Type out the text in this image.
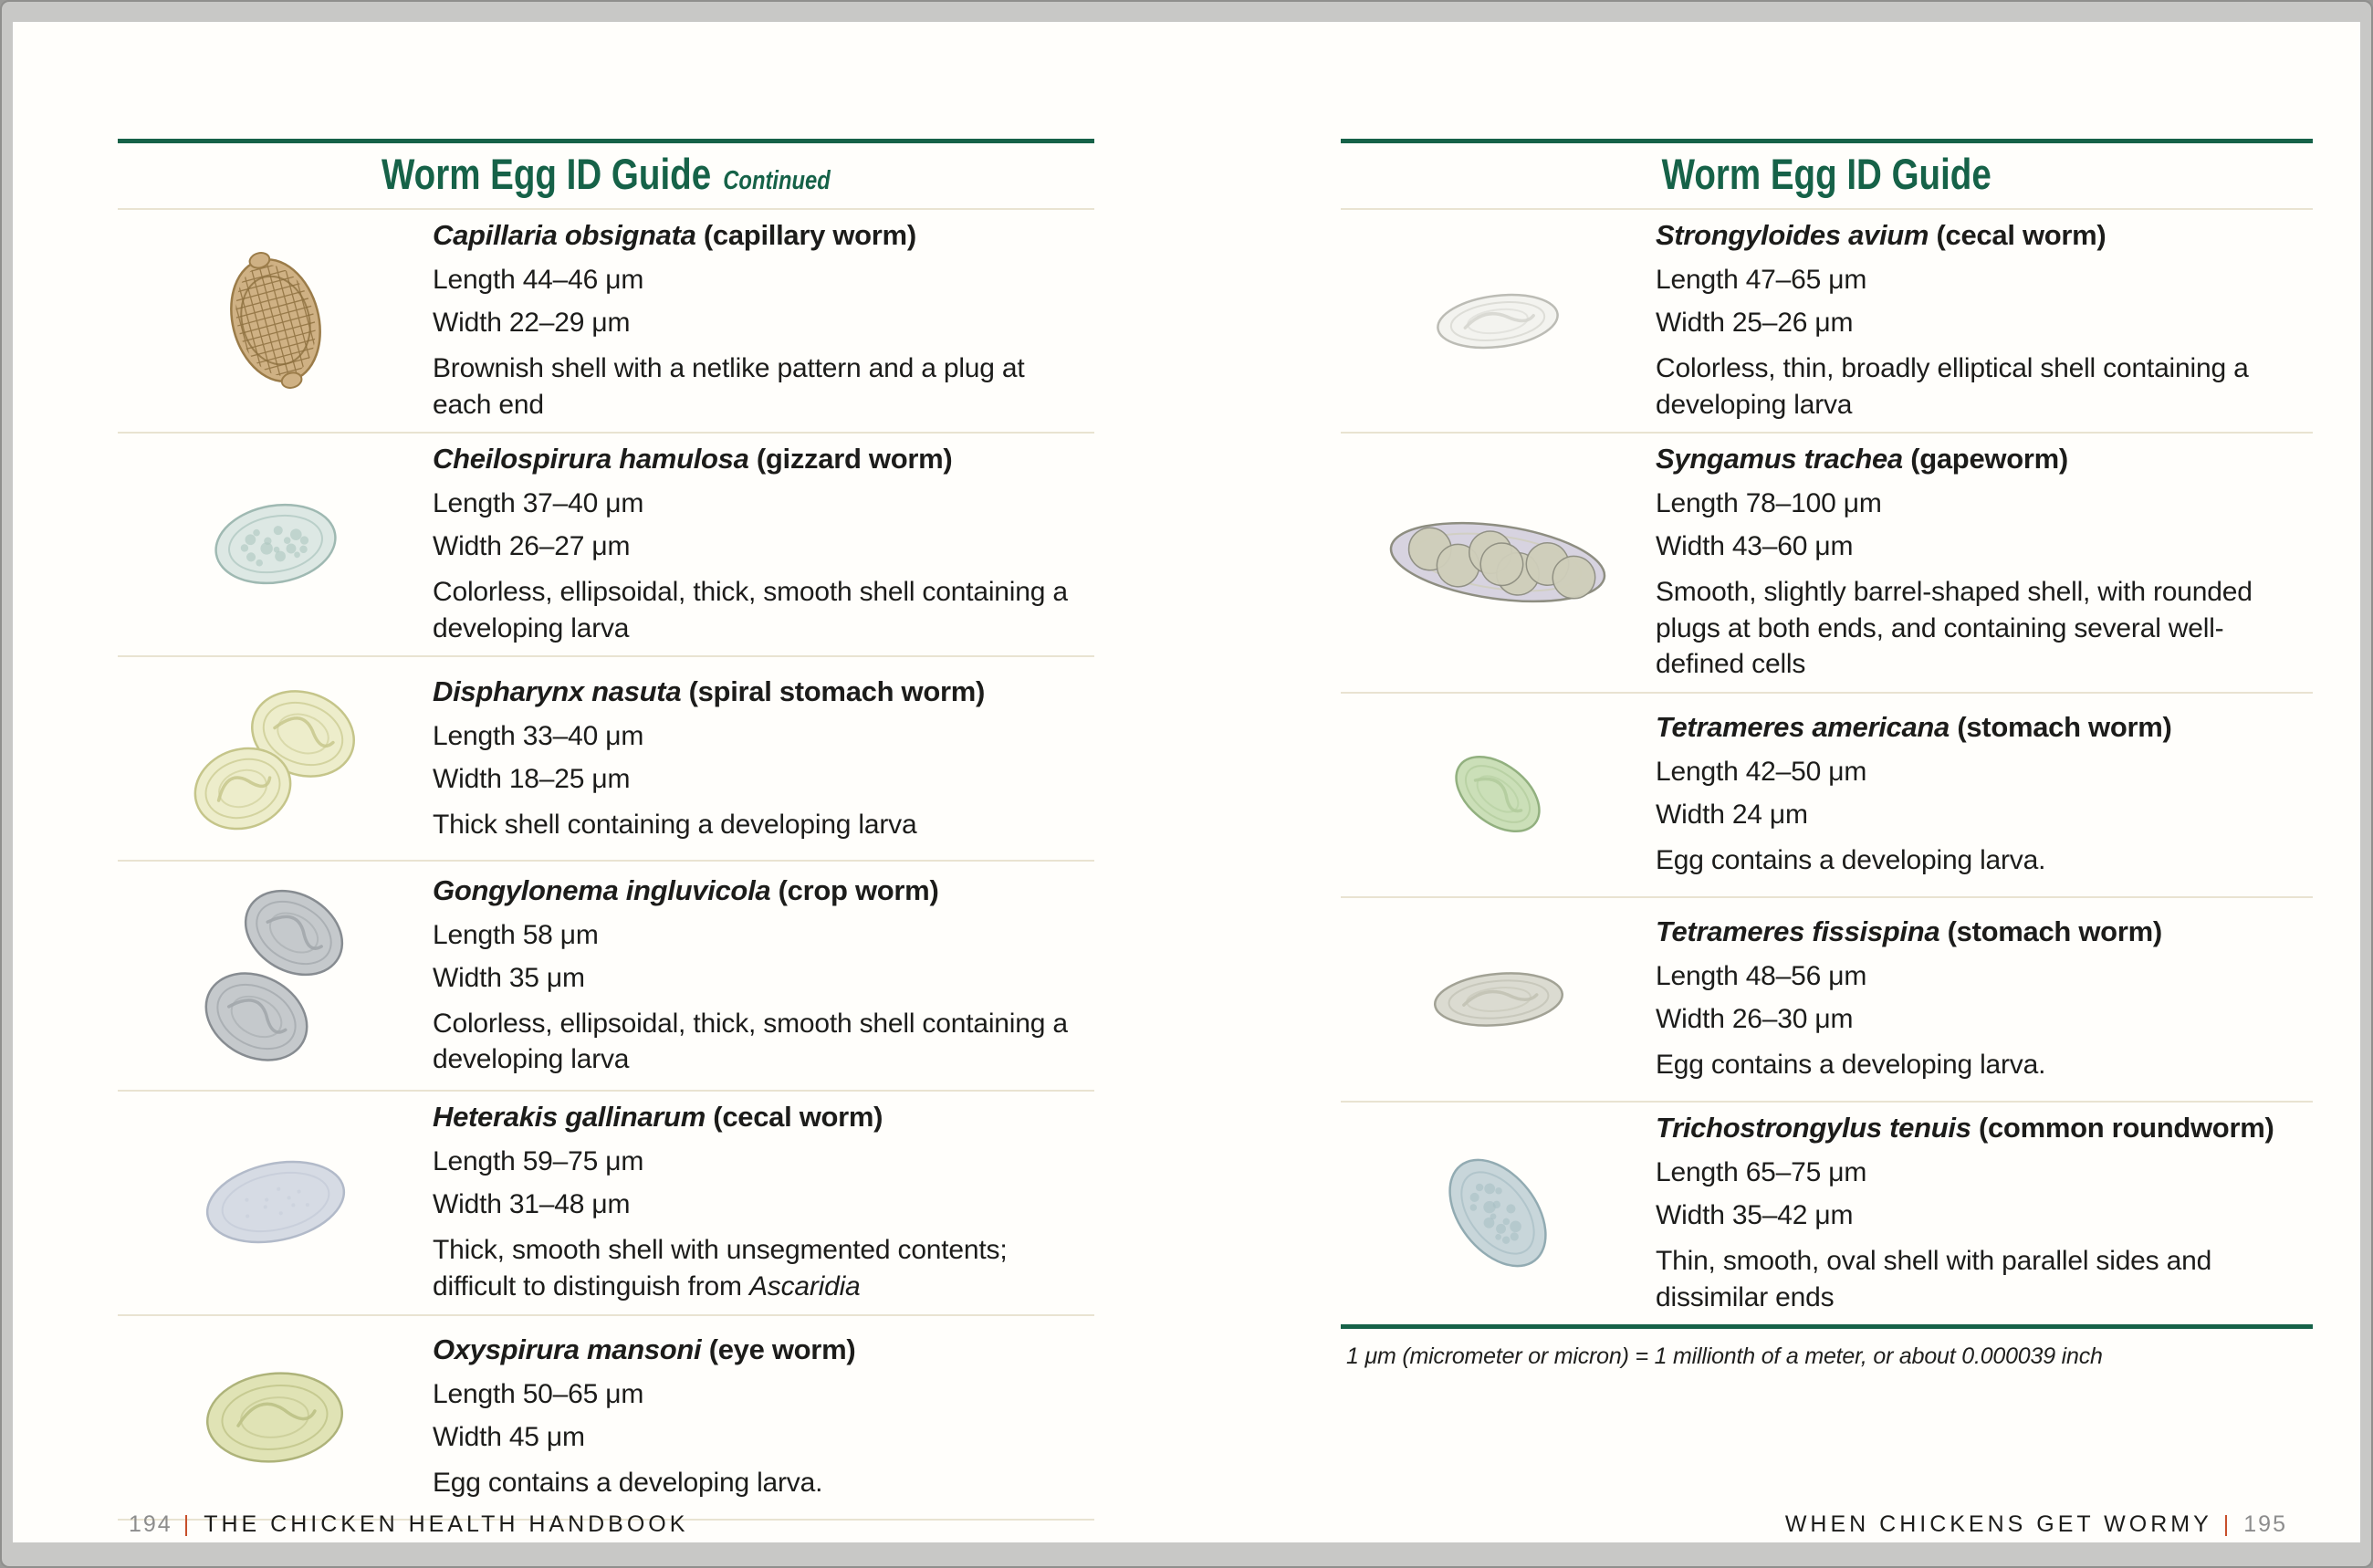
Worm Egg ID Guide Continued
Capillaria obsignata (capillary worm)

Length 44–46 μm

Width 22–29 μm

Brownish shell with a netlike pattern and a plug at each end

Cheilospirura hamulosa (gizzard worm)

Length 37–40 μm

Width 26–27 μm

Colorless, ellipsoidal, thick, smooth shell containing a developing larva

Dispharynx nasuta (spiral stomach worm)

Length 33–40 μm

Width 18–25 μm

Thick shell containing a developing larva

Gongylonema ingluvicola (crop worm)

Length 58 μm

Width 35 μm

Colorless, ellipsoidal, thick, smooth shell containing a developing larva

Heterakis gallinarum (cecal worm)

Length 59–75 μm

Width 31–48 μm

Thick, smooth shell with unsegmented contents; difficult to distinguish from Ascaridia

Oxyspirura mansoni (eye worm)

Length 50–65 μm

Width 45 μm

Egg contains a developing larva.

Worm Egg ID Guide
Strongyloides avium (cecal worm)

Length 47–65 μm

Width 25–26 μm

Colorless, thin, broadly elliptical shell containing a developing larva

Syngamus trachea (gapeworm)

Length 78–100 μm

Width 43–60 μm

Smooth, slightly barrel-shaped shell, with rounded plugs at both ends, and containing several well-defined cells

Tetrameres americana (stomach worm)

Length 42–50 μm

Width 24 μm

Egg contains a developing larva.

Tetrameres fissispina (stomach worm)

Length 48–56 μm

Width 26–30 μm

Egg contains a developing larva.

Trichostrongylus tenuis (common roundworm)

Length 65–75 μm

Width 35–42 μm

Thin, smooth, oval shell with parallel sides and dissimilar ends

1 μm (micrometer or micron) = 1 millionth of a meter, or about 0.000039 inch

194 | THE CHICKEN HEALTH HANDBOOK	WHEN CHICKENS GET WORMY | 195
